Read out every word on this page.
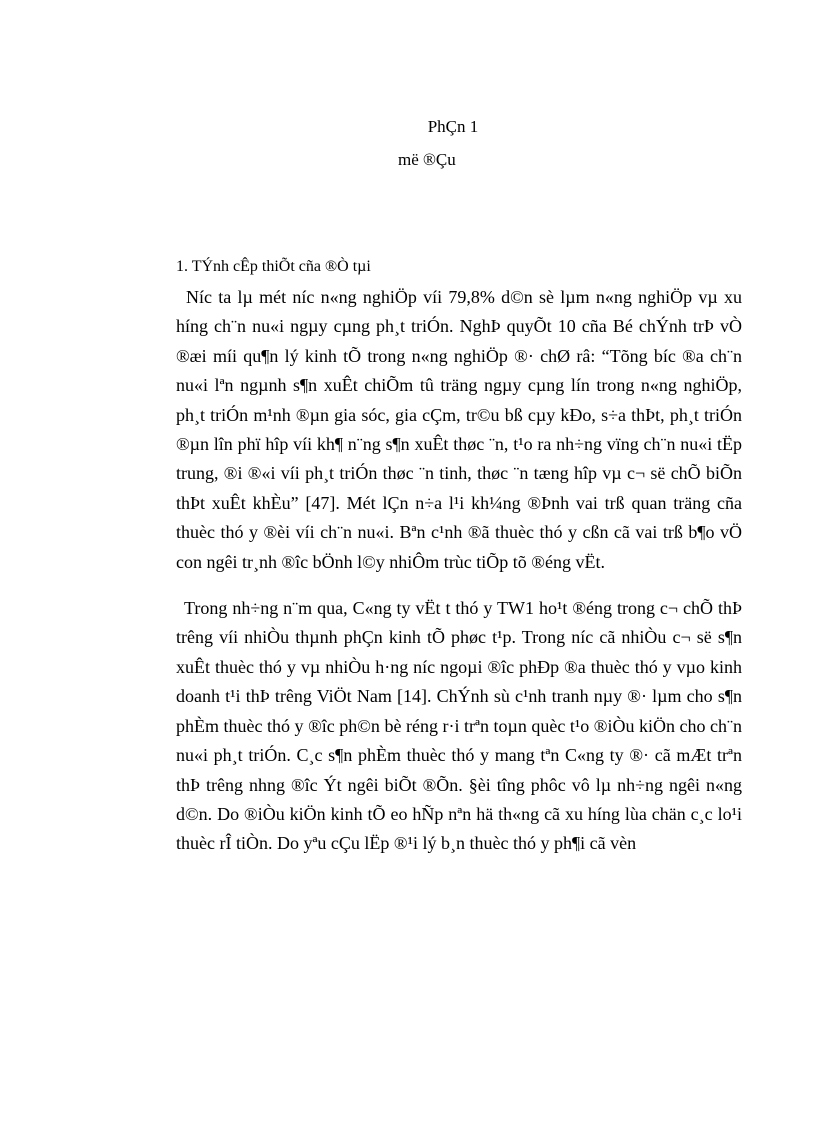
PhÇn 1
më ®Çu
1. TÝnh cÊp thiÕt cña ®Ò tµi

Níc ta lµ mét níc n«ng nghiÖp víi 79,8% d©n sè lµm n«ng nghiÖp vµ xu híng ch¨n nu«i ngµy cµng ph¸t triÓn. NghÞ quyÕt 10 cña Bé chÝnh trÞ vÒ ®æi míi qu¶n lý kinh tÕ trong n«ng nghiÖp ®· chØ râ: “Tõng bíc ®a ch¨n nu«i lªn ngµnh s¶n xuÊt chiÕm tû träng ngµy cµng lín trong n«ng nghiÖp, ph¸t triÓn m¹nh ®µn gia sóc, gia cÇm, tr©u bß cµy kÐo, s÷a thÞt, ph¸t triÓn ®µn lîn phï hîp víi kh¶ n¨ng s¶n xuÊt thøc ¨n, t¹o ra nh÷ng vïng ch¨n nu«i tËp trung, ®i ®«i víi ph¸t triÓn thøc ¨n tinh, thøc ¨n tæng hîp vµ c¬ së chÕ biÕn thÞt xuÊt khÈu” [47]. Mét lÇn n÷a l¹i kh¼ng ®Þnh vai trß quan träng cña thuèc thó y ®èi víi ch¨n nu«i. Bªn c¹nh ®ã thuèc thó y cßn cã vai trß b¶o vÖ con ngêi tr¸nh ®îc bÖnh l©y nhiÔm trùc tiÕp tõ ®éng vËt.

Trong nh÷ng n¨m qua, C«ng ty vËt t thó y TW1 ho¹t ®éng trong c¬ chÕ thÞ trêng víi nhiÒu thµnh phÇn kinh tÕ phøc t¹p. Trong níc cã nhiÒu c¬ së s¶n xuÊt thuèc thó y vµ nhiÒu h·ng níc ngoµi ®îc phÐp ®a thuèc thó y vµo kinh doanh t¹i thÞ trêng ViÖt Nam [14]. ChÝnh sù c¹nh tranh nµy ®· lµm cho s¶n phÈm thuèc thó y ®îc ph©n bè réng r·i trªn toµn quèc t¹o ®iÒu kiÖn cho ch¨n nu«i ph¸t triÓn. C¸c s¶n phÈm thuèc thó y mang tªn C«ng ty ®· cã mÆt trªn thÞ trêng nhng ®îc Ýt ngêi biÕt ®Õn. §èi tîng phôc vô lµ nh÷ng ngêi n«ng d©n. Do ®iÒu kiÖn kinh tÕ eo hÑp nªn hä th«ng cã xu híng lùa chän c¸c lo¹i thuèc rÎ tiÒn. Do yªu cÇu lËp ®¹i lý b¸n thuèc thó y ph¶i cã vèn
